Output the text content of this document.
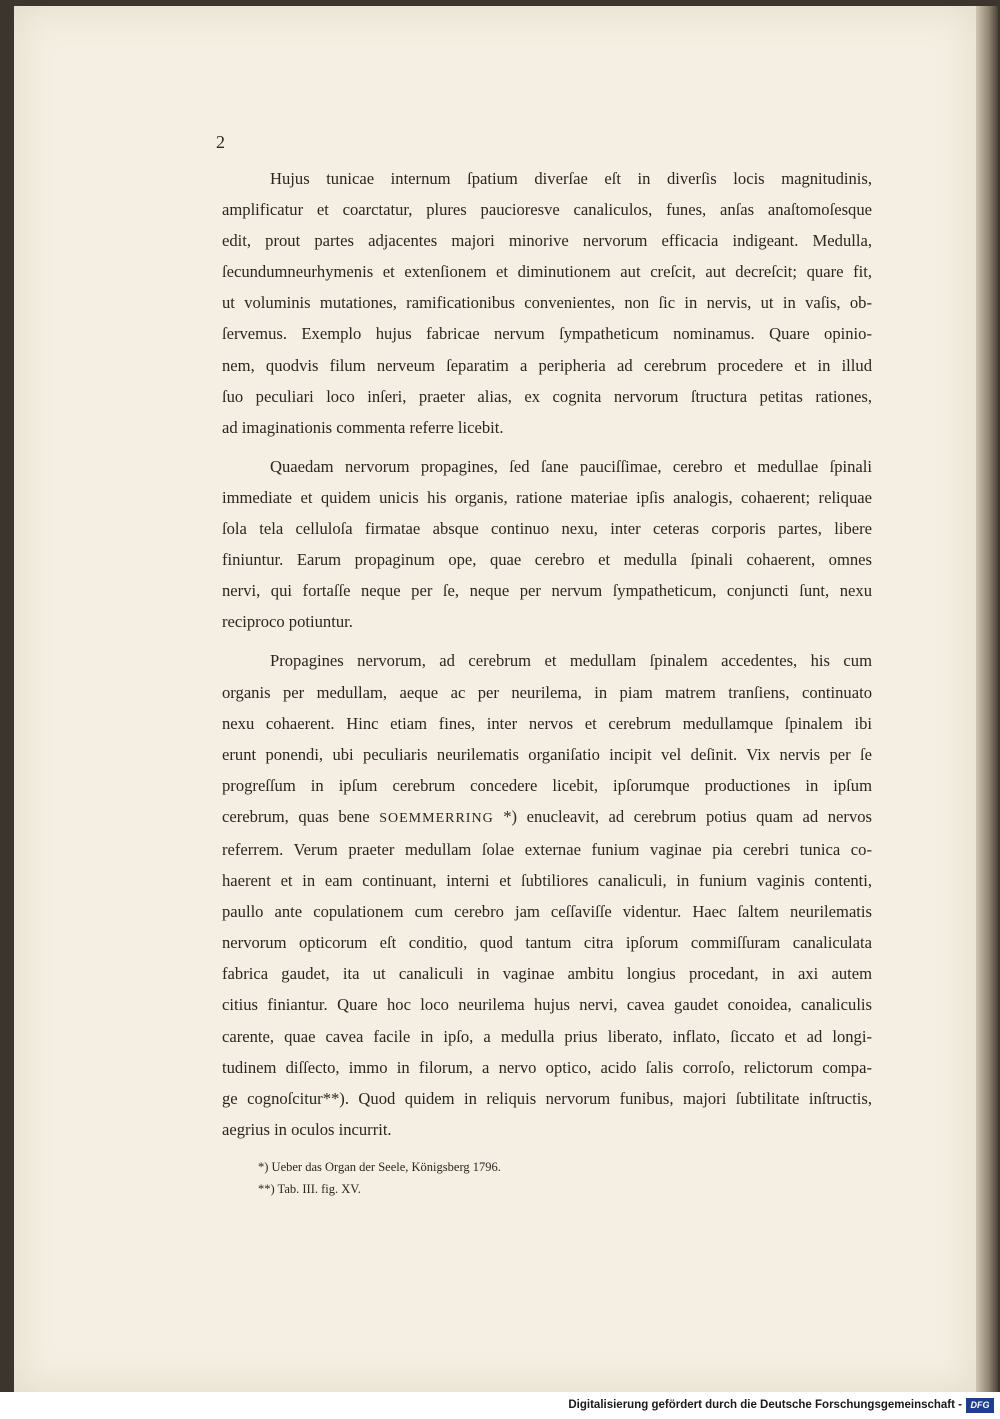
2

Hujus tunicae internum ſpatium diverſae eſt in diverſis locis magnitudinis,
amplificatur et coarctatur, plures paucioresve canaliculos, funes, anſas anaſtomoſesque
edit, prout partes adjacentes majori minorive nervorum efficacia indigeant. Medulla,
ſecundumneurhymenis et extenſionem et diminutionem aut creſcit, aut decreſcit; quare fit,
ut voluminis mutationes, ramificationibus convenientes, non ſic in nervis, ut in vaſis, ob-
ſervemus. Exemplo hujus fabricae nervum ſympatheticum nominamus. Quare opinio-
nem, quodvis filum nerveum ſeparatim a peripheria ad cerebrum procedere et in illud
ſuo peculiari loco inſeri, praeter alias, ex cognita nervorum ſtructura petitas rationes,
ad imaginationis commenta referre licebit.

Quaedam nervorum propagines, ſed ſane pauciſſimae, cerebro et medullae ſpinali
immediate et quidem unicis his organis, ratione materiae ipſis analogis, cohaerent; reliquae
ſola tela celluloſa firmatae absque continuo nexu, inter ceteras corporis partes, libere
finiuntur. Earum propaginum ope, quae cerebro et medulla ſpinali cohaerent, omnes
nervi, qui fortaſſe neque per ſe, neque per nervum ſympatheticum, conjuncti ſunt, nexu
reciproco potiuntur.

Propagines nervorum, ad cerebrum et medullam ſpinalem accedentes, his cum
organis per medullam, aeque ac per neurilema, in piam matrem tranſiens, continuato
nexu cohaerent. Hinc etiam fines, inter nervos et cerebrum medullamque ſpinalem ibi
erunt ponendi, ubi peculiaris neurilematis organiſatio incipit vel deſinit. Vix nervis per ſe
progreſſum in ipſum cerebrum concedere licebit, ipſorumque productiones in ipſum
cerebrum, quas bene SOEMMERRING *) enucleavit, ad cerebrum potius quam ad nervos
referrem. Verum praeter medullam ſolae externae funium vaginae pia cerebri tunica co-
haerent et in eam continuant, interni et ſubtiliores canaliculi, in funium vaginis contenti,
paullo ante copulationem cum cerebro jam ceſſaviſſe videntur. Haec ſaltem neurilematis
nervorum opticorum eſt conditio, quod tantum citra ipſorum commiſſuram canaliculata
fabrica gaudet, ita ut canaliculi in vaginae ambitu longius procedant, in axi autem
citius finiantur. Quare hoc loco neurilema hujus nervi, cavea gaudet conoidea, canaliculis
carente, quae cavea facile in ipſo, a medulla prius liberato, inflato, ſiccato et ad longi-
tudinem diſſecto, immo in filorum, a nervo optico, acido ſalis corroſo, relictorum compa-
ge cognoſcitur**). Quod quidem in reliquis nervorum funibus, majori ſubtilitate inſtructis,
aegrius in oculos incurrit.

*) Ueber das Organ der Seele, Königsberg 1796.
**) Tab. III. fig. XV.
Digitalisierung gefördert durch die Deutsche Forschungsgemeinschaft - DFG
